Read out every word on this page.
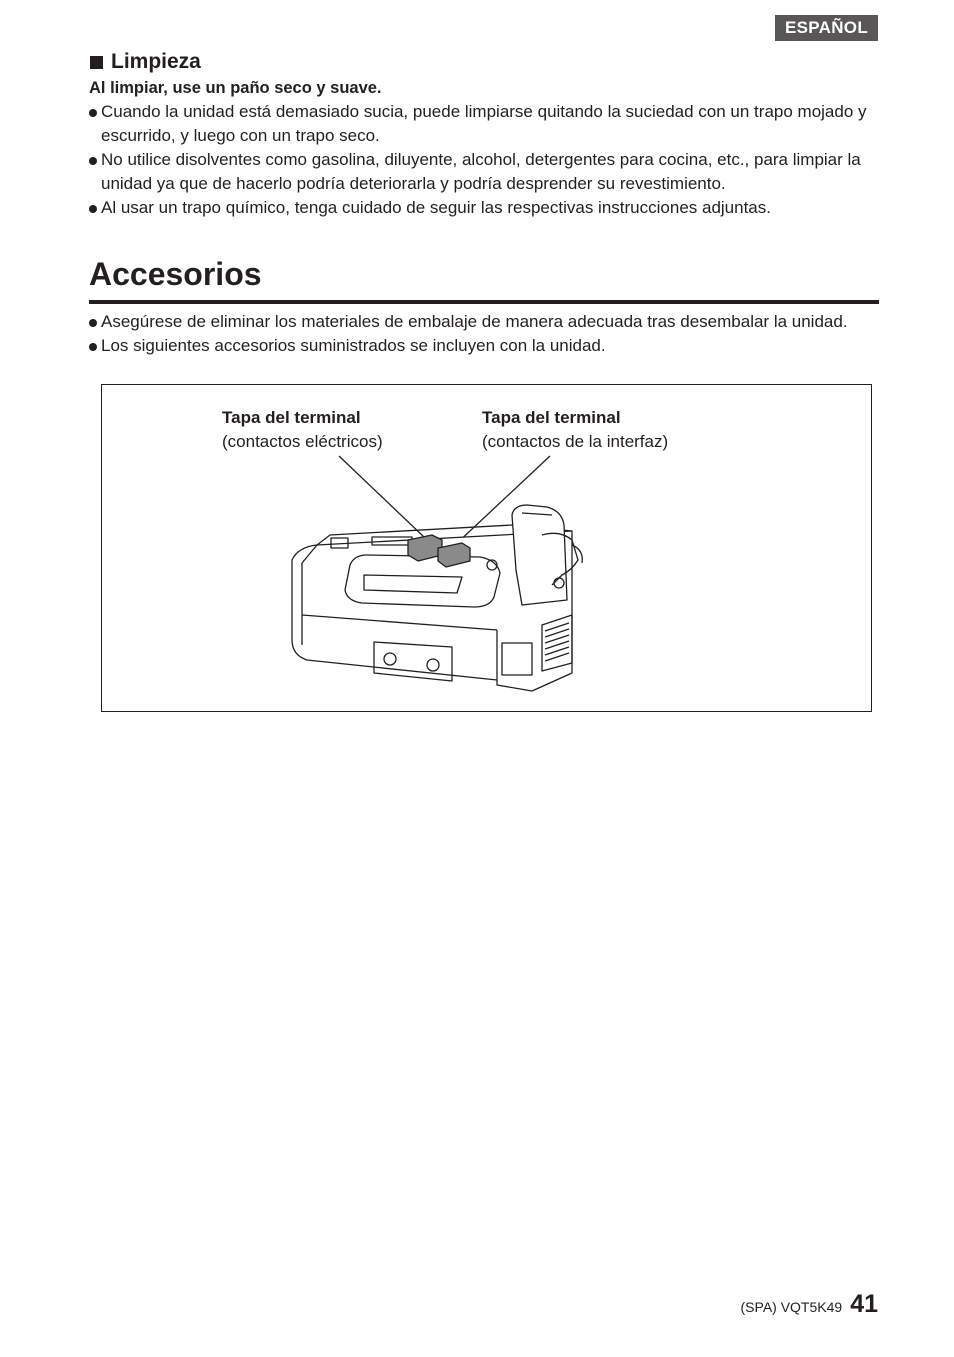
ESPAÑOL
Limpieza
Al limpiar, use un paño seco y suave.
Cuando la unidad está demasiado sucia, puede limpiarse quitando la suciedad con un trapo mojado y escurrido, y luego con un trapo seco.
No utilice disolventes como gasolina, diluyente, alcohol, detergentes para cocina, etc., para limpiar la unidad ya que de hacerlo podría deteriorarla y podría desprender su revestimiento.
Al usar un trapo químico, tenga cuidado de seguir las respectivas instrucciones adjuntas.
Accesorios
Asegúrese de eliminar los materiales de embalaje de manera adecuada tras desembalar la unidad.
Los siguientes accesorios suministrados se incluyen con la unidad.
Tapa del terminal
(contactos eléctricos)
Tapa del terminal
(contactos de la interfaz)
(SPA) VQT5K49 41
